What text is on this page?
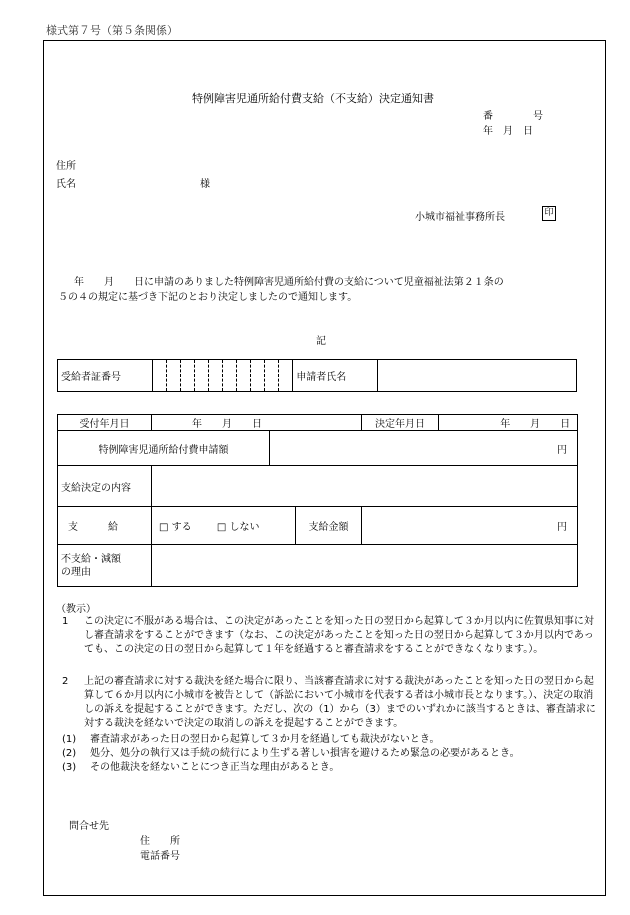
様式第７号（第５条関係）
特例障害児通所給付費支給（不支給）決定通知書
番　　　　号
年　月　日
住所
氏名	様
小城市福祉事務所長	印
　年　　月　　日に申請のありました特例障害児通所給付費の支給について児童福祉法第２１条の
５の４の規定に基づき下記のとおり決定しましたので通知します。
記
受給者証番号											申請者氏名	
受付年月日	年　　月　　日			決定年月日 年　　月　　日
特例障害児通所給付費申請額		円		
支給決定の内容				
支　　　給	□ する □ しない		支給金額	円

不支給・減額
の理由				

（教示）
1	この決定に不服がある場合は、この決定があったことを知った日の翌日から起算して３か月以内に佐賀県知事に対し審査請求をすることができます（なお、この決定があったことを知った日の翌日から起算して３か月以内であっても、この決定の日の翌日から起算して１年を経過すると審査請求をすることができなくなります。）。
2	上記の審査請求に対する裁決を経た場合に限り、当該審査請求に対する裁決があったことを知った日の翌日から起算して６か月以内に小城市を被告として（訴訟において小城市を代表する者は小城市長となります。）、決定の取消しの訴えを提起することができます。ただし、次の（1）から（3）までのいずれかに該当するときは、審査請求に対する裁決を経ないで決定の取消しの訴えを提起することができます。
(1)	審査請求があった日の翌日から起算して３か月を経過しても裁決がないとき。
(2)	処分、処分の執行又は手続の続行により生ずる著しい損害を避けるため緊急の必要があるとき。
(3)	その他裁決を経ないことにつき正当な理由があるとき。
問合せ先
住　　所
電話番号
